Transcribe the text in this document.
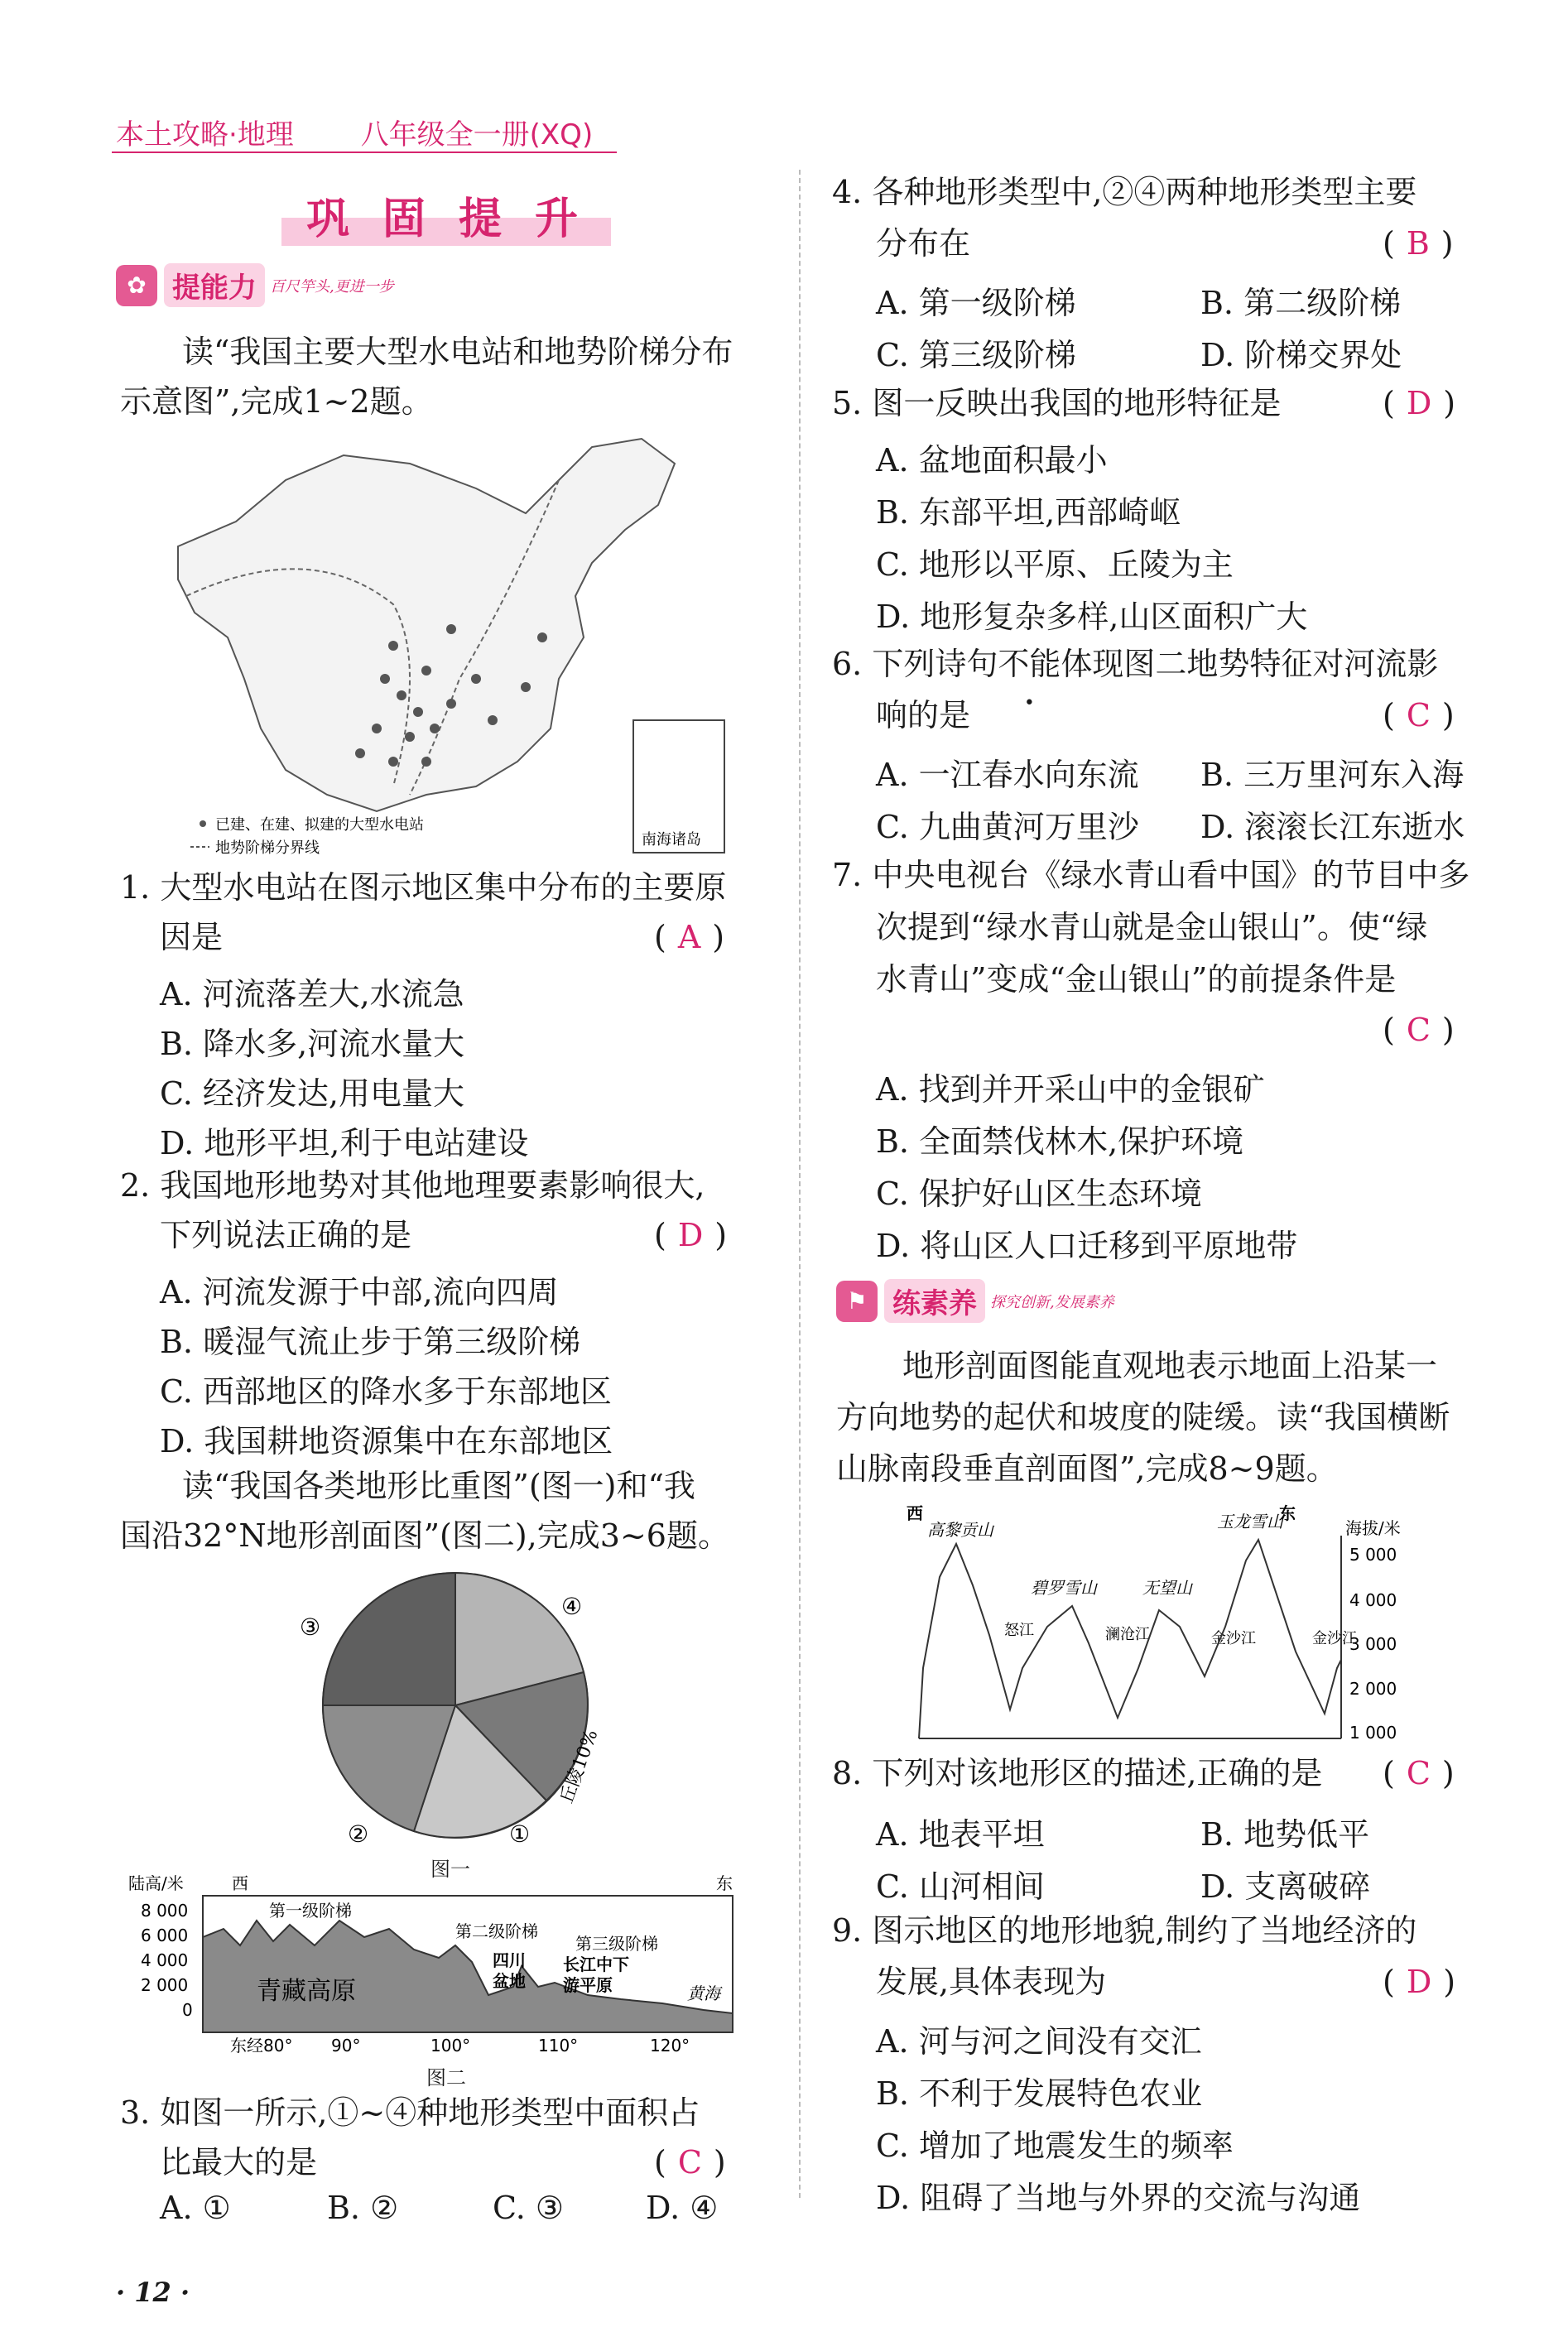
本土攻略·地理 八年级全一册(XQ)
巩固提升
✿ 提能力 百尺竿头,更进一步
读“我国主要大型水电站和地势阶梯分布
示意图”,完成1~2题。
南海诸岛
已建、在建、拟建的大型水电站
地势阶梯分界线
1. 大型水电站在图示地区集中分布的主要原
因是	( A )
A. 河流落差大,水流急
B. 降水多,河流水量大
C. 经济发达,用电量大
D. 地形平坦,利于电站建设
2. 我国地形地势对其他地理要素影响很大,
下列说法正确的是	( D )
A. 河流发源于中部,流向四周
B. 暖湿气流止步于第三级阶梯
C. 西部地区的降水多于东部地区
D. 我国耕地资源集中在东部地区
读“我国各类地形比重图”(图一)和“我
国沿32°N地形剖面图”(图二),完成3~6题。
③
④
②	①
丘陵10%
图一
陆高/米	西	东
8 000
6 000
4 000
2 000
0
第一级阶梯
第二级阶梯
第三级阶梯
青藏高原
四川
盆地
长江中下
游平原	黄海
东经80° 90°	100°	110°	120°
图二
3. 如图一所示,①~④种地形类型中面积占
比最大的是	( C )
A. ①	B. ②	C. ③	D. ④
· 12 ·
4. 各种地形类型中,②④两种地形类型主要
分布在	( B )
A. 第一级阶梯	B. 第二级阶梯
C. 第三级阶梯	D. 阶梯交界处
5. 图一反映出我国的地形特征是	( D )
A. 盆地面积最小
B. 东部平坦,西部崎岖
C. 地形以平原、丘陵为主
D. 地形复杂多样,山区面积广大
6. 下列诗句不能体现图二地势特征对河流影
响的是	( C )
A. 一江春水向东流 B. 三万里河东入海
C. 九曲黄河万里沙 D. 滚滚长江东逝水
7. 中央电视台《绿水青山看中国》的节目中多
次提到“绿水青山就是金山银山”。使“绿
水青山”变成“金山银山”的前提条件是
( C )
A. 找到并开采山中的金银矿
B. 全面禁伐林木,保护环境
C. 保护好山区生态环境
D. 将山区人口迁移到平原地带
⚑ 练素养 探究创新,发展素养
地形剖面图能直观地表示地面上沿某一
方向地势的起伏和坡度的陡缓。读“我国横断
山脉南段垂直剖面图”,完成8~9题。
西	东
海拔/米
5 000
4 000
3 000
2 000
1 000
高黎贡山
碧罗雪山	无望山
玉龙雪山
怒江	澜沧江	金沙江	金沙江
8. 下列对该地形区的描述,正确的是 ( C )
A. 地表平坦	B. 地势低平
C. 山河相间	D. 支离破碎
9. 图示地区的地形地貌,制约了当地经济的
发展,具体表现为	( D )
A. 河与河之间没有交汇
B. 不利于发展特色农业
C. 增加了地震发生的频率
D. 阻碍了当地与外界的交流与沟通
